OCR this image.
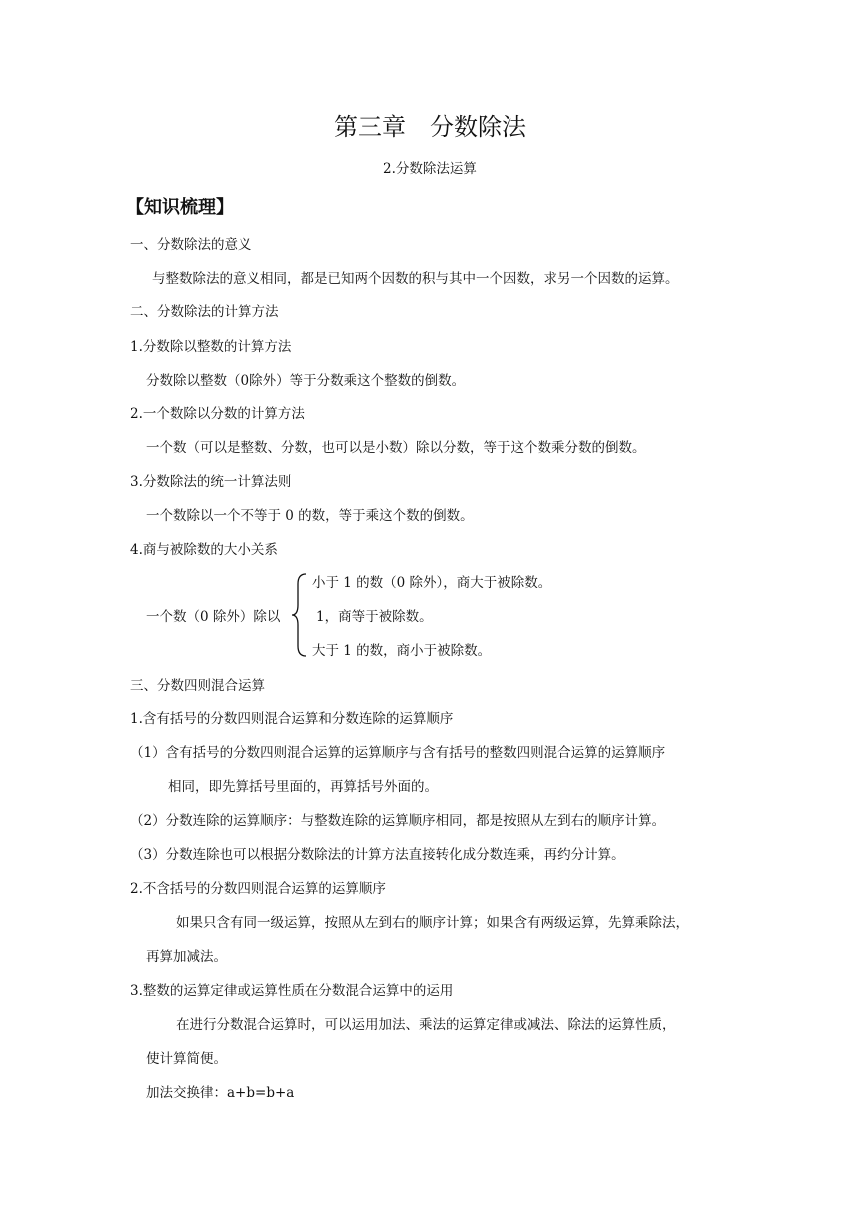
第三章　分数除法
2.分数除法运算
【知识梳理】
一、分数除法的意义
与整数除法的意义相同，都是已知两个因数的积与其中一个因数，求另一个因数的运算。
二、分数除法的计算方法
1.分数除以整数的计算方法
分数除以整数（0除外）等于分数乘这个整数的倒数。
2.一个数除以分数的计算方法
一个数（可以是整数、分数，也可以是小数）除以分数，等于这个数乘分数的倒数。
3.分数除法的统一计算法则
一个数除以一个不等于 0 的数，等于乘这个数的倒数。
4.商与被除数的大小关系
一个数（0 除外）除以
小于 1 的数（0 除外），商大于被除数。
1，商等于被除数。
大于 1 的数，商小于被除数。
三、分数四则混合运算
1.含有括号的分数四则混合运算和分数连除的运算顺序
（1）含有括号的分数四则混合运算的运算顺序与含有括号的整数四则混合运算的运算顺序
相同，即先算括号里面的，再算括号外面的。
（2）分数连除的运算顺序：与整数连除的运算顺序相同，都是按照从左到右的顺序计算。
（3）分数连除也可以根据分数除法的计算方法直接转化成分数连乘，再约分计算。
2.不含括号的分数四则混合运算的运算顺序
如果只含有同一级运算，按照从左到右的顺序计算；如果含有两级运算，先算乘除法，
再算加减法。
3.整数的运算定律或运算性质在分数混合运算中的运用
在进行分数混合运算时，可以运用加法、乘法的运算定律或减法、除法的运算性质，
使计算简便。
加法交换律：a+b=b+a
